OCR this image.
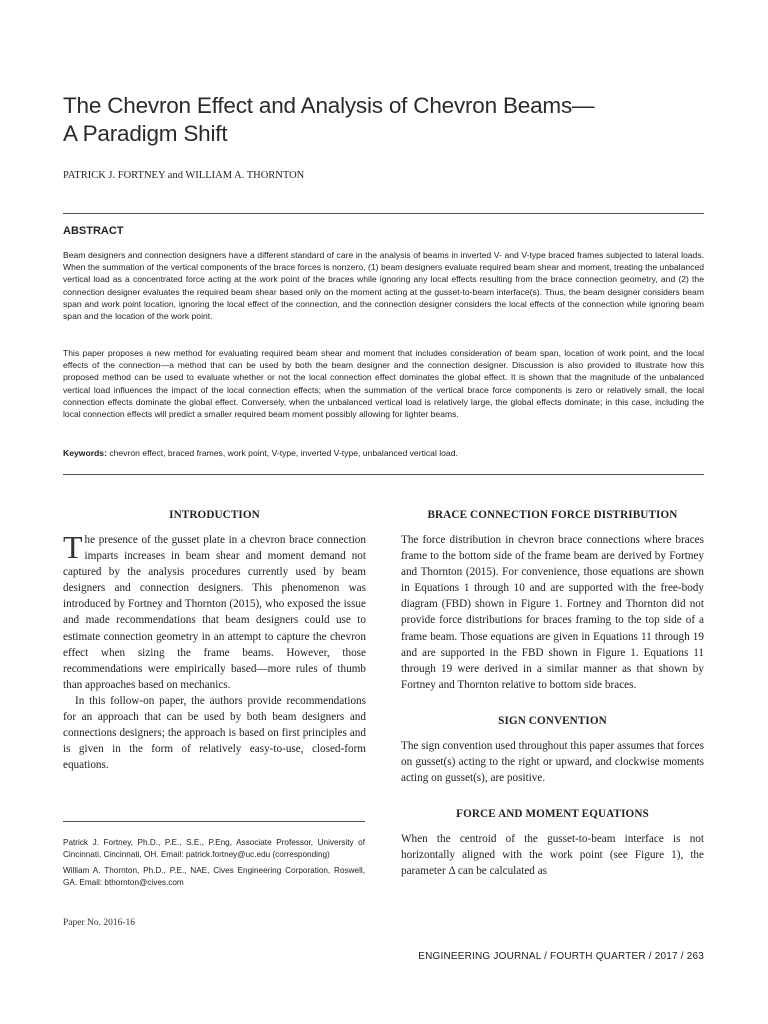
The Chevron Effect and Analysis of Chevron Beams—
A Paradigm Shift
PATRICK J. FORTNEY and WILLIAM A. THORNTON
ABSTRACT

Beam designers and connection designers have a different standard of care in the analysis of beams in inverted V- and V-type braced frames subjected to lateral loads. When the summation of the vertical components of the brace forces is nonzero, (1) beam designers evaluate required beam shear and moment, treating the unbalanced vertical load as a concentrated force acting at the work point of the braces while ignoring any local effects resulting from the brace connection geometry, and (2) the connection designer evaluates the required beam shear based only on the moment acting at the gusset-to-beam interface(s). Thus, the beam designer considers beam span and work point location, ignoring the local effect of the connection, and the connection designer considers the local effects of the connection while ignoring beam span and the location of the work point.

This paper proposes a new method for evaluating required beam shear and moment that includes consideration of beam span, location of work point, and the local effects of the connection—a method that can be used by both the beam designer and the connection designer. Discussion is also provided to illustrate how this proposed method can be used to evaluate whether or not the local connection effect dominates the global effect. It is shown that the magnitude of the unbalanced vertical load influences the impact of the local connection effects; when the summation of the vertical brace force components is zero or relatively small, the local connection effects dominate the global effect. Conversely, when the unbalanced vertical load is relatively large, the global effects dominate; in this case, including the local connection effects will predict a smaller required beam moment possibly allowing for lighter beams.

Keywords: chevron effect, braced frames, work point, V-type, inverted V-type, unbalanced vertical load.

INTRODUCTION

The presence of the gusset plate in a chevron brace connection imparts increases in beam shear and moment demand not captured by the analysis procedures currently used by beam designers and connection designers. This phenomenon was introduced by Fortney and Thornton (2015), who exposed the issue and made recommendations that beam designers could use to estimate connection geometry in an attempt to capture the chevron effect when sizing the frame beams. However, those recommendations were empirically based—more rules of thumb than approaches based on mechanics.

In this follow-on paper, the authors provide recommendations for an approach that can be used by both beam designers and connections designers; the approach is based on first principles and is given in the form of relatively easy-to-use, closed-form equations.

Patrick J. Fortney, Ph.D., P.E., S.E., P.Eng, Associate Professor, University of Cincinnati, Cincinnati, OH. Email: patrick.fortney@uc.edu (corresponding)

William A. Thornton, Ph.D., P.E., NAE, Cives Engineering Corporation, Roswell, GA. Email: bthornton@cives.com

Paper No. 2016-16
BRACE CONNECTION FORCE DISTRIBUTION

The force distribution in chevron brace connections where braces frame to the bottom side of the frame beam are derived by Fortney and Thornton (2015). For convenience, those equations are shown in Equations 1 through 10 and are supported with the free-body diagram (FBD) shown in Figure 1. Fortney and Thornton did not provide force distributions for braces framing to the top side of a frame beam. Those equations are given in Equations 11 through 19 and are supported in the FBD shown in Figure 1. Equations 11 through 19 were derived in a similar manner as that shown by Fortney and Thornton relative to bottom side braces.

SIGN CONVENTION

The sign convention used throughout this paper assumes that forces on gusset(s) acting to the right or upward, and clockwise moments acting on gusset(s), are positive.

FORCE AND MOMENT EQUATIONS

When the centroid of the gusset-to-beam interface is not horizontally aligned with the work point (see Figure 1), the parameter Δ can be calculated as

ENGINEERING JOURNAL / FOURTH QUARTER / 2017 / 263
